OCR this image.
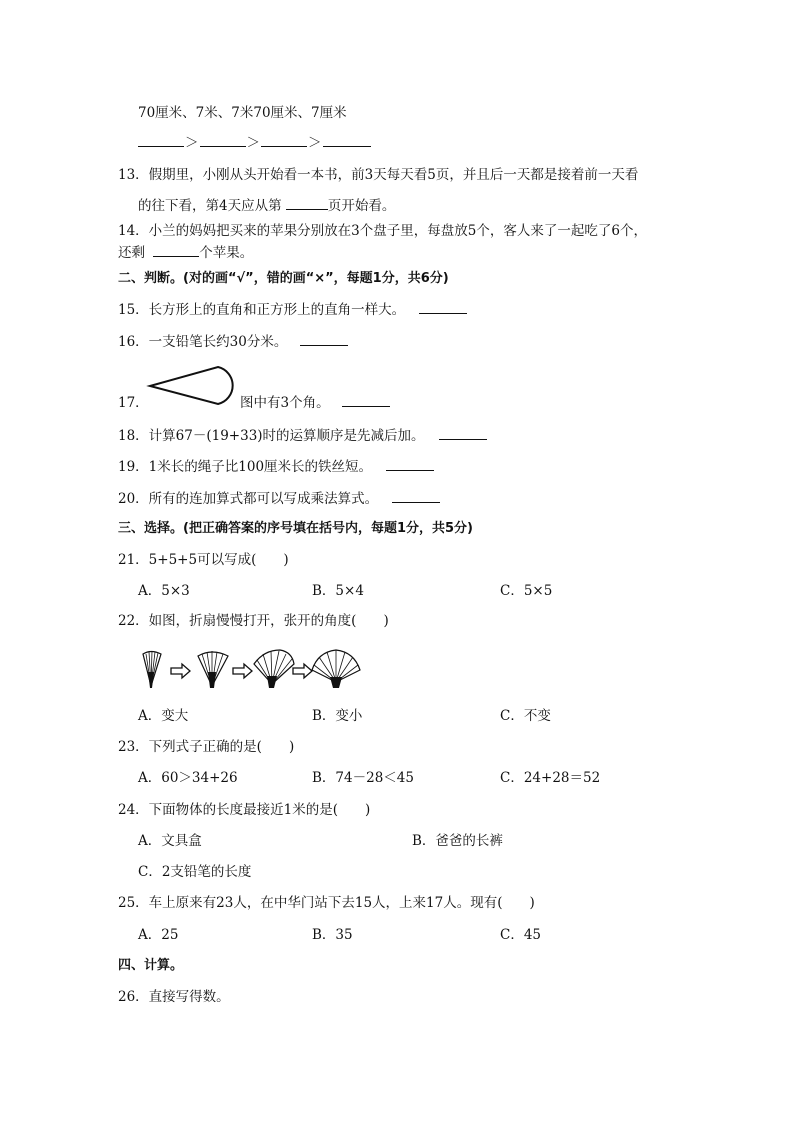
70厘米、7米、7米70厘米、7厘米
＞	＞	＞
13．假期里，小刚从头开始看一本书，前3天每天看5页，并且后一天都是接着前一天看
的往下看，第4天应从第	页开始看。
14．小兰的妈妈把买来的苹果分别放在3个盘子里，每盘放5个，客人来了一起吃了6个，
还剩	个苹果。
二、判断。(对的画“√”，错的画“×”，每题1分，共6分)
15．长方形上的直角和正方形上的直角一样大。
16．一支铅笔长约30分米。
17．	图中有3个角。
18．计算67－(19+33)时的运算顺序是先减后加。
19．1米长的绳子比100厘米长的铁丝短。
20．所有的连加算式都可以写成乘法算式。
三、选择。(把正确答案的序号填在括号内，每题1分，共5分)
21．5+5+5可以写成(　　)
A．5×3	B．5×4	C．5×5
22．如图，折扇慢慢打开，张开的角度(　　)
A．变大	B．变小	C．不变
23．下列式子正确的是(　　)
A．60＞34+26	B．74－28＜45	C．24+28＝52
24．下面物体的长度最接近1米的是(　　)
A．文具盒	B．爸爸的长裤
C．2支铅笔的长度
25．车上原来有23人，在中华门站下去15人，上来17人。现有(　　)
A．25	B．35	C．45
四、计算。
26．直接写得数。
